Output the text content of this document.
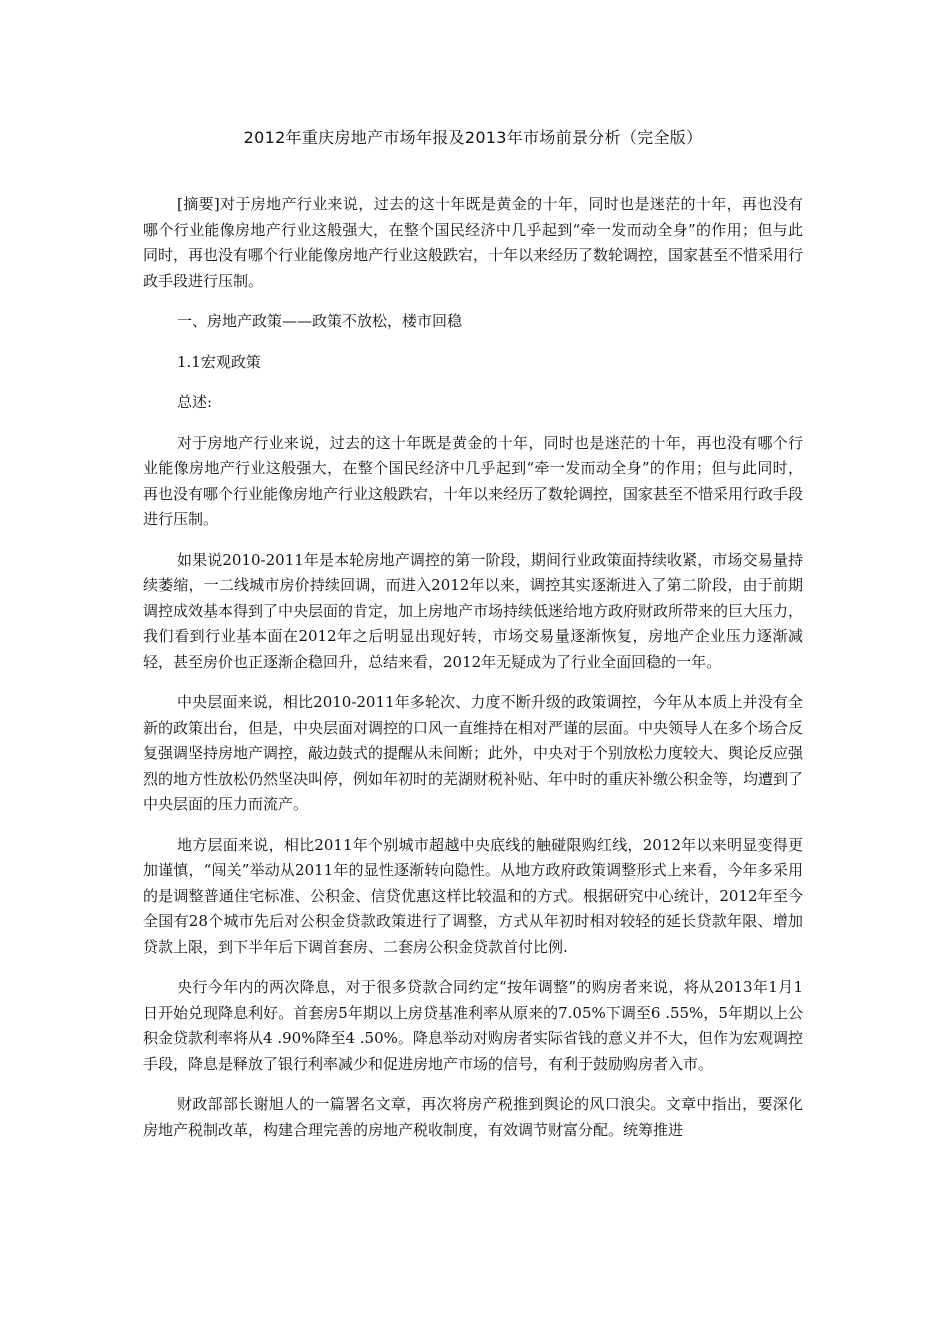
2012年重庆房地产市场年报及2013年市场前景分析（完全版）

[摘要]对于房地产行业来说，过去的这十年既是黄金的十年，同时也是迷茫的十年，再也没有哪个行业能像房地产行业这般强大，在整个国民经济中几乎起到“牵一发而动全身”的作用；但与此同时，再也没有哪个行业能像房地产行业这般跌宕，十年以来经历了数轮调控，国家甚至不惜采用行政手段进行压制。

一、房地产政策——政策不放松，楼市回稳

1.1宏观政策

总述:

对于房地产行业来说，过去的这十年既是黄金的十年，同时也是迷茫的十年，再也没有哪个行业能像房地产行业这般强大，在整个国民经济中几乎起到“牵一发而动全身”的作用；但与此同时，再也没有哪个行业能像房地产行业这般跌宕，十年以来经历了数轮调控，国家甚至不惜采用行政手段进行压制。

如果说2010-2011年是本轮房地产调控的第一阶段，期间行业政策面持续收紧，市场交易量持续萎缩，一二线城市房价持续回调，而进入2012年以来，调控其实逐渐进入了第二阶段，由于前期调控成效基本得到了中央层面的肯定，加上房地产市场持续低迷给地方政府财政所带来的巨大压力，我们看到行业基本面在2012年之后明显出现好转，市场交易量逐渐恢复，房地产企业压力逐渐减轻，甚至房价也正逐渐企稳回升，总结来看，2012年无疑成为了行业全面回稳的一年。

中央层面来说，相比2010-2011年多轮次、力度不断升级的政策调控，今年从本质上并没有全新的政策出台，但是，中央层面对调控的口风一直维持在相对严谨的层面。中央领导人在多个场合反复强调坚持房地产调控，敲边鼓式的提醒从未间断；此外，中央对于个别放松力度较大、舆论反应强烈的地方性放松仍然坚决叫停，例如年初时的芜湖财税补贴、年中时的重庆补缴公积金等，均遭到了中央层面的压力而流产。

地方层面来说，相比2011年个别城市超越中央底线的触碰限购红线，2012年以来明显变得更加谨慎，“闯关”举动从2011年的显性逐渐转向隐性。从地方政府政策调整形式上来看，今年多采用的是调整普通住宅标准、公积金、信贷优惠这样比较温和的方式。根据研究中心统计，2012年至今全国有28个城市先后对公积金贷款政策进行了调整，方式从年初时相对较轻的延长贷款年限、增加贷款上限，到下半年后下调首套房、二套房公积金贷款首付比例.

央行今年内的两次降息，对于很多贷款合同约定“按年调整”的购房者来说，将从2013年1月1日开始兑现降息利好。首套房5年期以上房贷基准利率从原来的7.05%下调至6 .55%，5年期以上公积金贷款利率将从4 .90%降至4 .50%。降息举动对购房者实际省钱的意义并不大，但作为宏观调控手段，降息是释放了银行利率减少和促进房地产市场的信号，有利于鼓励购房者入市。

财政部部长谢旭人的一篇署名文章，再次将房产税推到舆论的风口浪尖。文章中指出，要深化房地产税制改革，构建合理完善的房地产税收制度，有效调节财富分配。统筹推进
